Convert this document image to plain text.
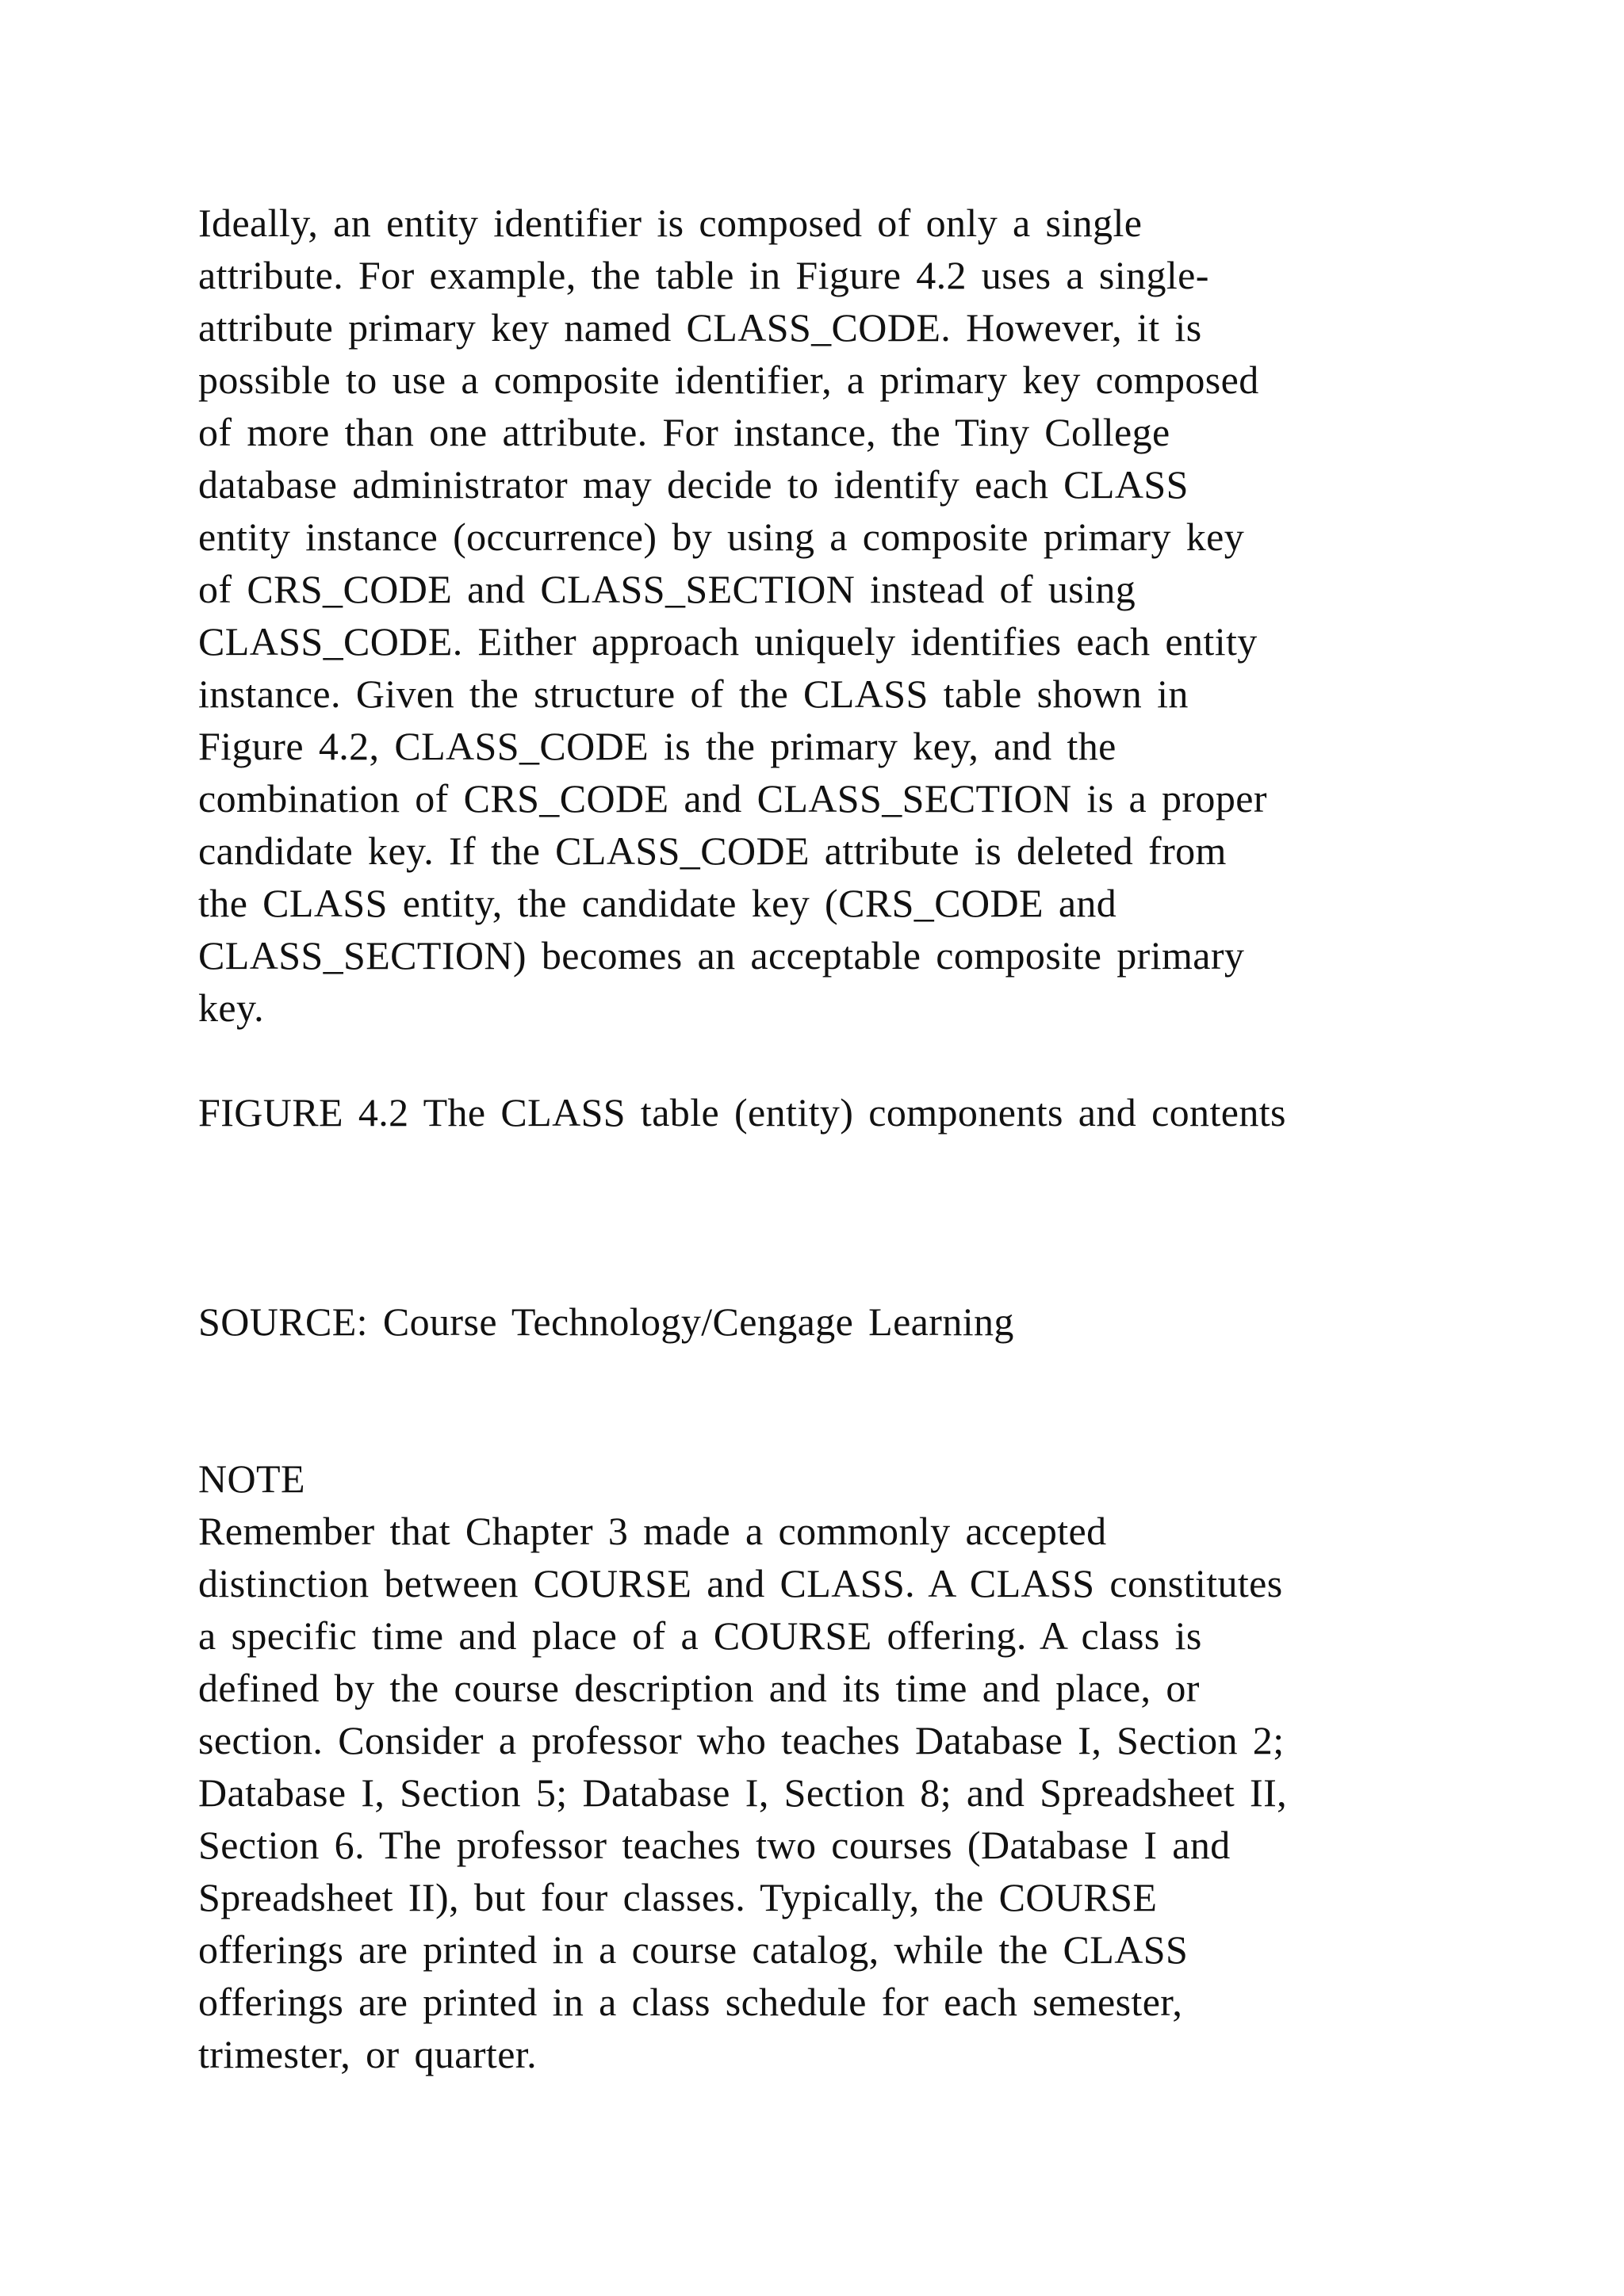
Ideally, an entity identifier is composed of only a single
attribute. For example, the table in Figure 4.2 uses a single-
attribute primary key named CLASS_CODE. However, it is
possible to use a composite identifier, a primary key composed
of more than one attribute. For instance, the Tiny College
database administrator may decide to identify each CLASS
entity instance (occurrence) by using a composite primary key
of CRS_CODE and CLASS_SECTION instead of using
CLASS_CODE. Either approach uniquely identifies each entity
instance. Given the structure of the CLASS table shown in
Figure 4.2, CLASS_CODE is the primary key, and the
combination of CRS_CODE and CLASS_SECTION is a proper
candidate key. If the CLASS_CODE attribute is deleted from
the CLASS entity, the candidate key (CRS_CODE and
CLASS_SECTION) becomes an acceptable composite primary
key.
FIGURE 4.2 The CLASS table (entity) components and contents
SOURCE: Course Technology/Cengage Learning
NOTE
Remember that Chapter 3 made a commonly accepted
distinction between COURSE and CLASS. A CLASS constitutes
a specific time and place of a COURSE offering. A class is
defined by the course description and its time and place, or
section. Consider a professor who teaches Database I, Section 2;
Database I, Section 5; Database I, Section 8; and Spreadsheet II,
Section 6. The professor teaches two courses (Database I and
Spreadsheet II), but four classes. Typically, the COURSE
offerings are printed in a course catalog, while the CLASS
offerings are printed in a class schedule for each semester,
trimester, or quarter.
